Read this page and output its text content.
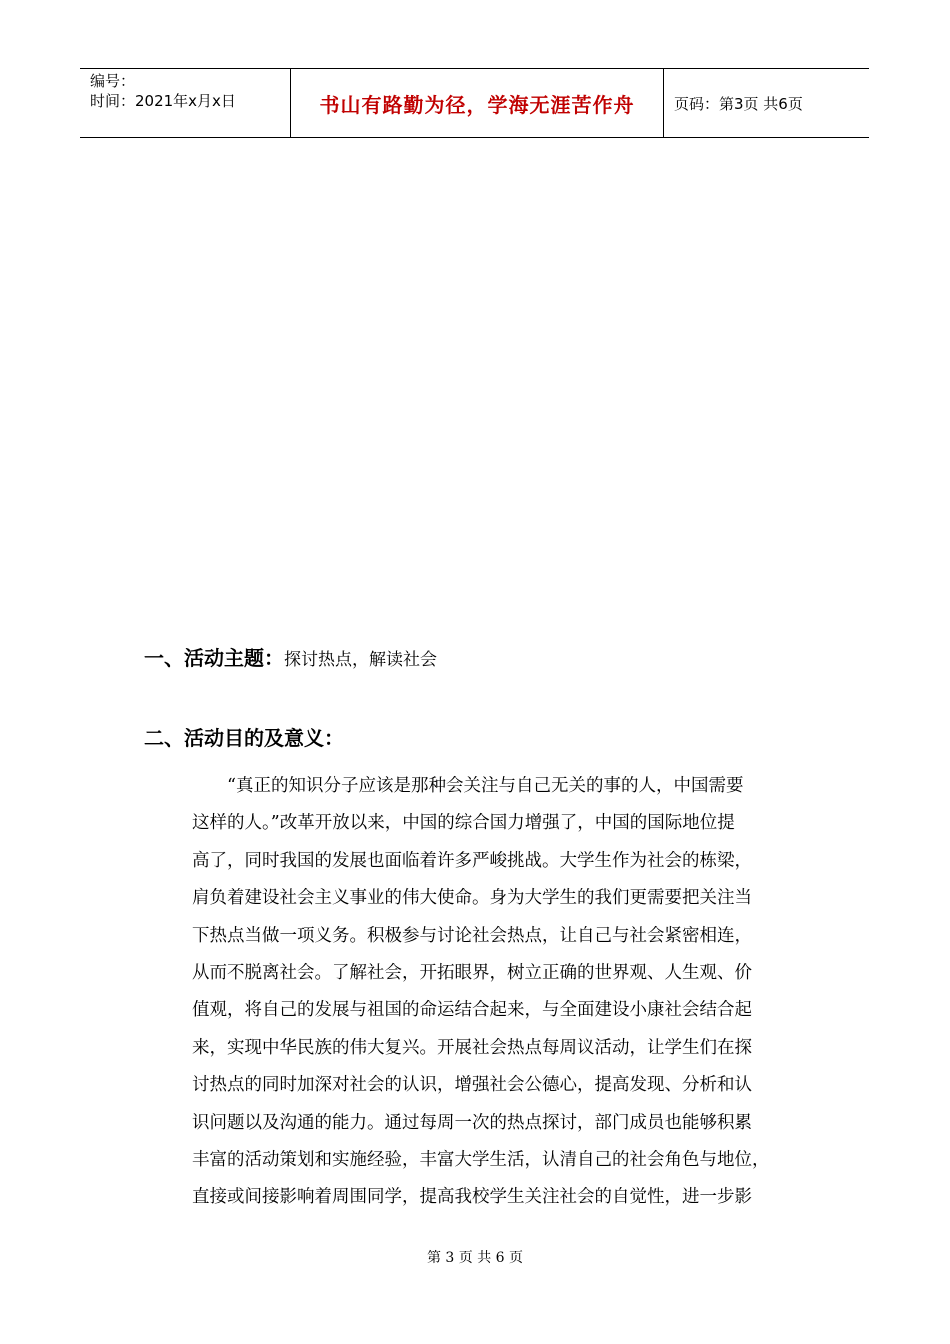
编号：
时间：2021年x月x日	书山有路勤为径，学海无涯苦作舟	页码：第3页 共6页
一、活动主题：探讨热点，解读社会
二、活动目的及意义：
“真正的知识分子应该是那种会关注与自己无关的事的人，中国需要
这样的人。”改革开放以来，中国的综合国力增强了，中国的国际地位提
高了，同时我国的发展也面临着许多严峻挑战。大学生作为社会的栋梁，
肩负着建设社会主义事业的伟大使命。身为大学生的我们更需要把关注当
下热点当做一项义务。积极参与讨论社会热点，让自己与社会紧密相连，
从而不脱离社会。了解社会，开拓眼界，树立正确的世界观、人生观、价
值观，将自己的发展与祖国的命运结合起来，与全面建设小康社会结合起
来，实现中华民族的伟大复兴。开展社会热点每周议活动，让学生们在探
讨热点的同时加深对社会的认识，增强社会公德心，提高发现、分析和认
识问题以及沟通的能力。通过每周一次的热点探讨，部门成员也能够积累
丰富的活动策划和实施经验，丰富大学生活，认清自己的社会角色与地位，
直接或间接影响着周围同学，提高我校学生关注社会的自觉性，进一步影
第 3 页 共 6 页
